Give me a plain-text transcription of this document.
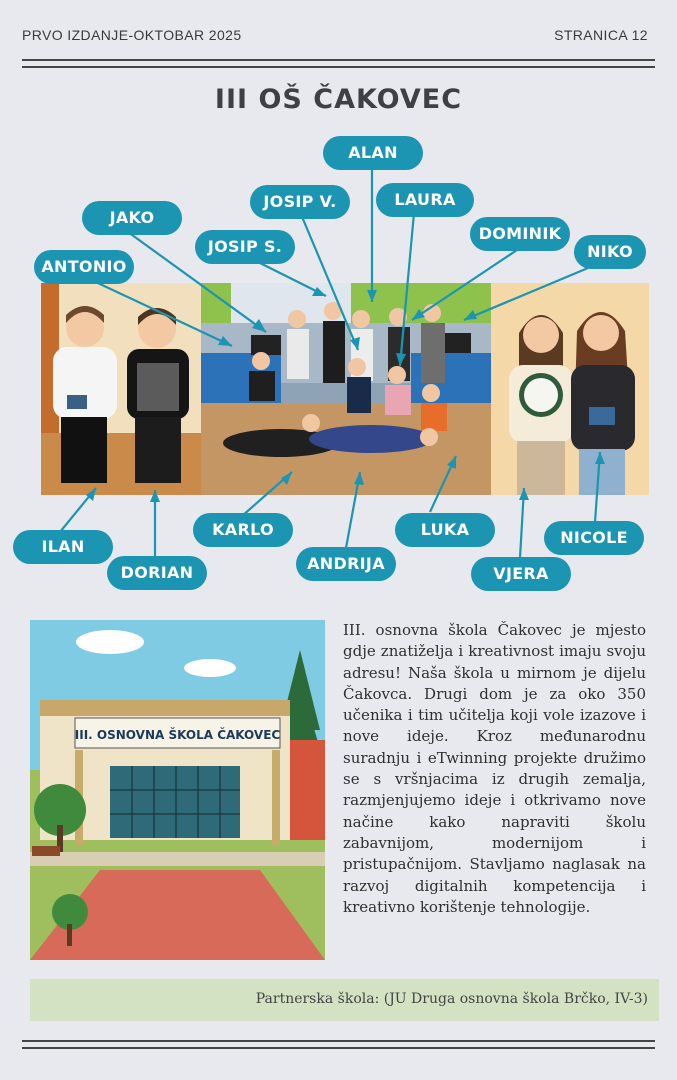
PRVO IZDANJE-OKTOBAR 2025	STRANICA 12
III OŠ ČAKOVEC
ALAN
JAKO
JOSIP V.	LAURA
DOMINIK
JOSIP S.	NIKO
ANTONIO
ILAN
DORIAN
KARLO
ANDRIJA
LUKA
VJERA
NICOLE
III. OSNOVNA ŠKOLA ČAKOVEC
III. osnovna škola Čakovec je mjesto gdje znatiželja i kreativnost imaju svoju adresu! Naša škola u mirnom je dijelu Čakovca. Drugi dom je za oko 350 učenika i tim učitelja koji vole izazove i nove ideje. Kroz međunarodnu suradnju i eTwinning projekte družimo se s vršnjacima iz drugih zemalja, razmjenjujemo ideje i otkrivamo nove načine kako napraviti školu zabavnijom, modernijom i pristupačnijom. Stavljamo naglasak na razvoj digitalnih kompetencija i kreativno korištenje tehnologije.
Partnerska škola: (JU Druga osnovna škola Brčko, IV-3)
